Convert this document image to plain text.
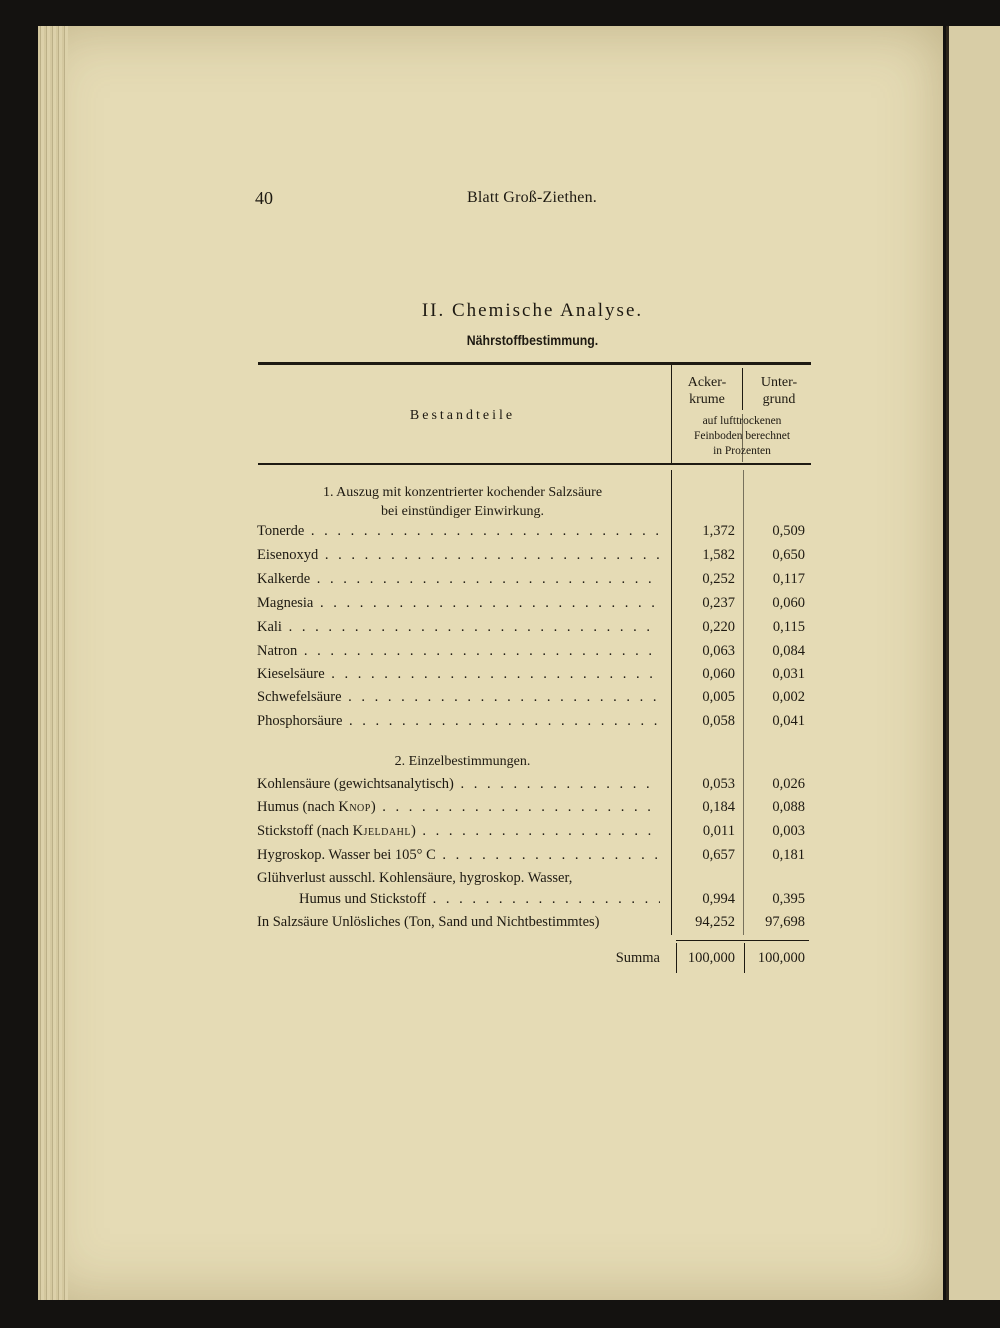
40	Blatt Groß-Ziethen.
II. Chemische Analyse.
Nährstoffbestimmung.
Bestandteile
Acker-
krume
Unter-
grund
auf lufttrockenen
Feinboden berechnet
in Prozenten
1. Auszug mit konzentrierter kochender Salzsäure
bei einstündiger Einwirkung.
Tonerde . . .	1,372	0,509
Eisenoxyd . . .	1,582	0,650
Kalkerde . . .	0,252	0,117
Magnesia . . .	0,237	0,060
Kali . . .	0,220	0,115
Natron . . .	0,063	0,084
Kieselsäure . . .	0,060	0,031
Schwefelsäure . . .	0,005	0,002
Phosphorsäure . . .	0,058	0,041
2. Einzelbestimmungen.
Kohlensäure (gewichtsanalytisch) . . .	0,053	0,026
Humus (nach Knop) . . .	0,184	0,088
Stickstoff (nach Kjeldahl) . . .	0,011	0,003
Hygroskop. Wasser bei 105° C . . .	0,657	0,181
Glühverlust ausschl. Kohlensäure, hygroskop. Wasser,
Humus und Stickstoff . . .	0,994	0,395
In Salzsäure Unlösliches (Ton, Sand und Nichtbestimmtes)	94,252	97,698
Summa	100,000	100,000
